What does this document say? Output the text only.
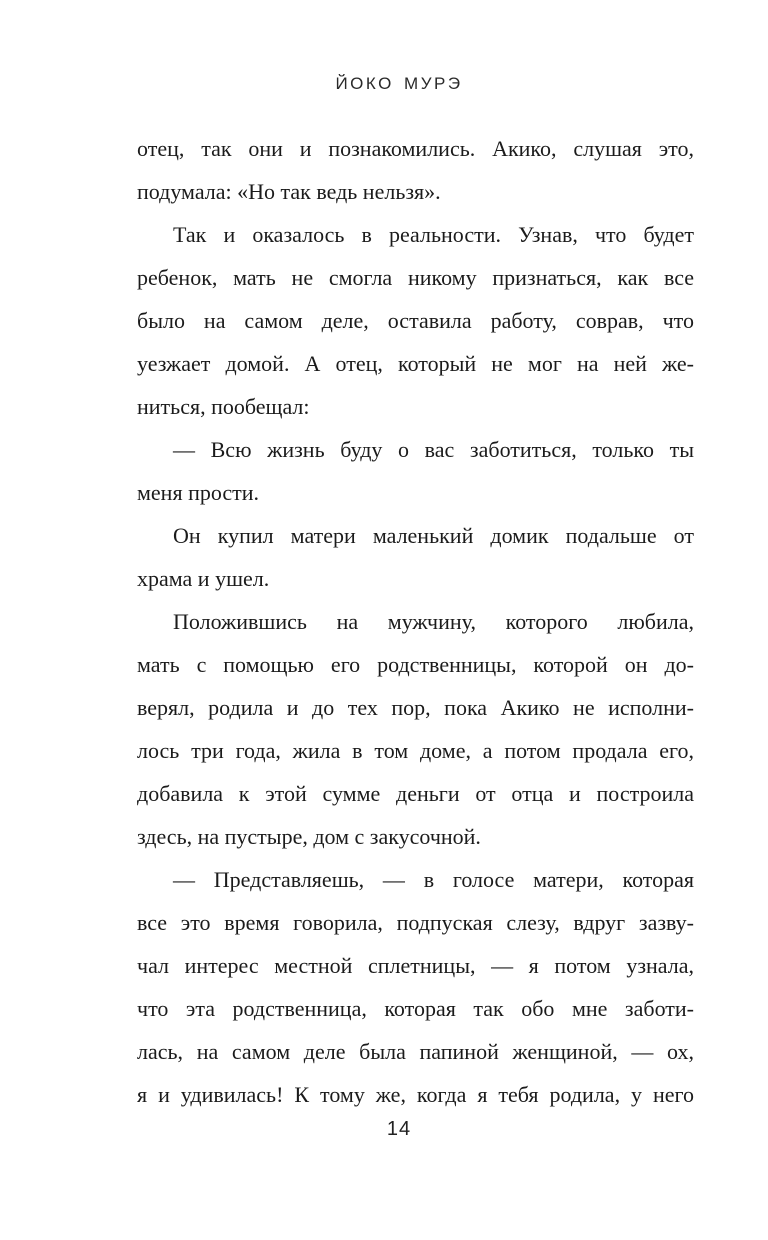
ЙОКО МУРЭ
отец, так они и познакомились. Акико, слушая это,
подумала: «Но так ведь нельзя».
Так и оказалось в реальности. Узнав, что будет
ребенок, мать не смогла никому признаться, как все
было на самом деле, оставила работу, соврав, что
уезжает домой. А отец, который не мог на ней же-
ниться, пообещал:
— Всю жизнь буду о вас заботиться, только ты
меня прости.
Он купил матери маленький домик подальше от
храма и ушел.
Положившись на мужчину, которого любила,
мать с помощью его родственницы, которой он до-
верял, родила и до тех пор, пока Акико не исполни-
лось три года, жила в том доме, а потом продала его,
добавила к этой сумме деньги от отца и построила
здесь, на пустыре, дом с закусочной.
— Представляешь, — в голосе матери, которая
все это время говорила, подпуская слезу, вдруг зазву-
чал интерес местной сплетницы, — я потом узнала,
что эта родственница, которая так обо мне заботи-
лась, на самом деле была папиной женщиной, — ох,
я и удивилась! К тому же, когда я тебя родила, у него
14
